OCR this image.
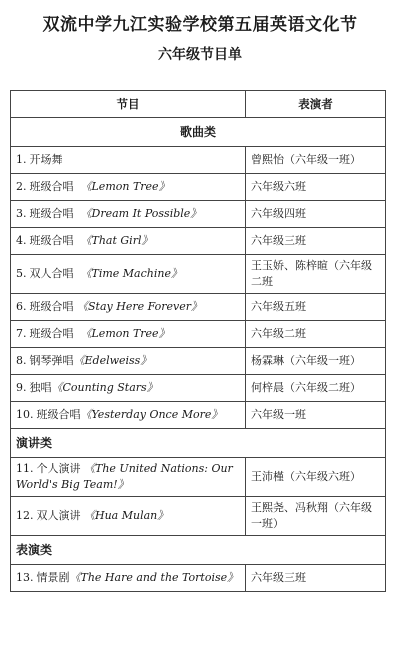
双流中学九江实验学校第五届英语文化节
六年级节目单
节目	表演者
歌曲类	
1. 开场舞	曾熙怡（六年级一班）
2. 班级合唱 《Lemon Tree》	六年级六班
3. 班级合唱 《Dream It Possible》	六年级四班
4. 班级合唱 《That Girl》	六年级三班
5. 双人合唱 《Time Machine》	王玉娇、陈梓暄（六年级二班
6. 班级合唱 《Stay Here Forever》	六年级五班
7. 班级合唱 《Lemon Tree》	六年级二班
8. 钢琴弹唱《Edelweiss》	杨霖琳（六年级一班）
9. 独唱《Counting Stars》	何梓晨（六年级二班）
10. 班级合唱《Yesterday Once More》	六年级一班
演讲类	
11. 个人演讲 《The United Nations: Our World's Big Team!》	王沛槿（六年级六班）
12. 双人演讲 《Hua Mulan》	王熙尧、冯秋翔（六年级一班）
表演类	
13. 情景剧《The Hare and the Tortoise》	六年级三班
